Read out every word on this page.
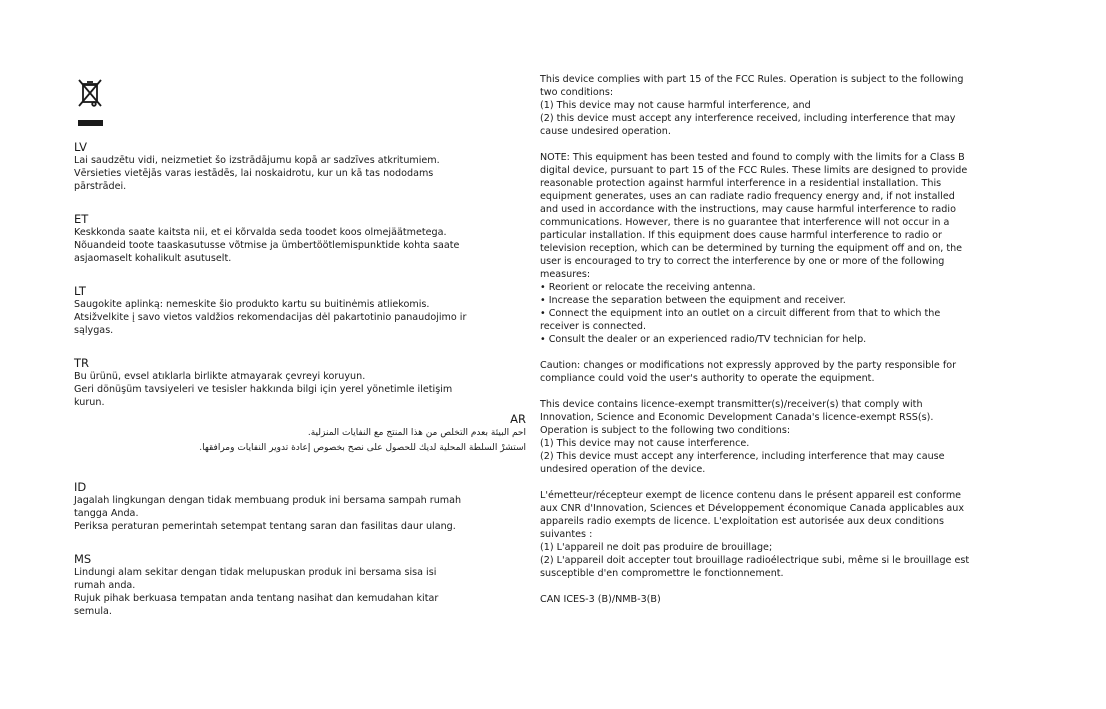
LV

Lai saudzētu vidi, neizmetiet šo izstrādājumu kopā ar sadzīves atkritumiem.

Vērsieties vietējās varas iestādēs, lai noskaidrotu, kur un kā tas nododams

pārstrādei.

ET

Keskkonda saate kaitsta nii, et ei kõrvalda seda toodet koos olmejäätmetega.

Nõuandeid toote taaskasutusse võtmise ja ümbertöötlemispunktide kohta saate

asjaomaselt kohalikult asutuselt.

LT

Saugokite aplinką: nemeskite šio produkto kartu su buitinėmis atliekomis.

Atsižvelkite į savo vietos valdžios rekomendacijas dėl pakartotinio panaudojimo ir

sąlygas.

TR

Bu ürünü, evsel atıklarla birlikte atmayarak çevreyi koruyun.

Geri dönüşüm tavsiyeleri ve tesisler hakkında bilgi için yerel yönetimle iletişim

kurun.

AR

احم البيئة بعدم التخلص من هذا المنتج مع النفايات المنزلية.

استشرْ السلطة المحلية لديك للحصول على نصح بخصوص إعادة تدوير النفايات ومرافقها.

ID

Jagalah lingkungan dengan tidak membuang produk ini bersama sampah rumah

tangga Anda.

Periksa peraturan pemerintah setempat tentang saran dan fasilitas daur ulang.

MS

Lindungi alam sekitar dengan tidak melupuskan produk ini bersama sisa isi

rumah anda.

Rujuk pihak berkuasa tempatan anda tentang nasihat dan kemudahan kitar

semula.

This device complies with part 15 of the FCC Rules. Operation is subject to the following

two conditions:

(1) This device may not cause harmful interference, and

(2) this device must accept any interference received, including interference that may

cause undesired operation.

NOTE: This equipment has been tested and found to comply with the limits for a Class B

digital device, pursuant to part 15 of the FCC Rules. These limits are designed to provide

reasonable protection against harmful interference in a residential installation. This

equipment generates, uses an can radiate radio frequency energy and, if not installed

and used in accordance with the instructions, may cause harmful interference to radio

communications. However, there is no guarantee that interference will not occur in a

particular installation. If this equipment does cause harmful interference to radio or

television reception, which can be determined by turning the equipment off and on, the

user is encouraged to try to correct the interference by one or more of the following

measures:

• Reorient or relocate the receiving antenna.

• Increase the separation between the equipment and receiver.

• Connect the equipment into an outlet on a circuit different from that to which the

receiver is connected.

• Consult the dealer or an experienced radio/TV technician for help.

Caution: changes or modifications not expressly approved by the party responsible for

compliance could void the user's authority to operate the equipment.

This device contains licence-exempt transmitter(s)/receiver(s) that comply with

Innovation, Science and Economic Development Canada's licence-exempt RSS(s).

Operation is subject to the following two conditions:

(1) This device may not cause interference.

(2) This device must accept any interference, including interference that may cause

undesired operation of the device.

L'émetteur/récepteur exempt de licence contenu dans le présent appareil est conforme

aux CNR d'Innovation, Sciences et Développement économique Canada applicables aux

appareils radio exempts de licence. L'exploitation est autorisée aux deux conditions

suivantes :

(1) L'appareil ne doit pas produire de brouillage;

(2) L'appareil doit accepter tout brouillage radioélectrique subi, même si le brouillage est

susceptible d'en compromettre le fonctionnement.

CAN ICES-3 (B)/NMB-3(B)
